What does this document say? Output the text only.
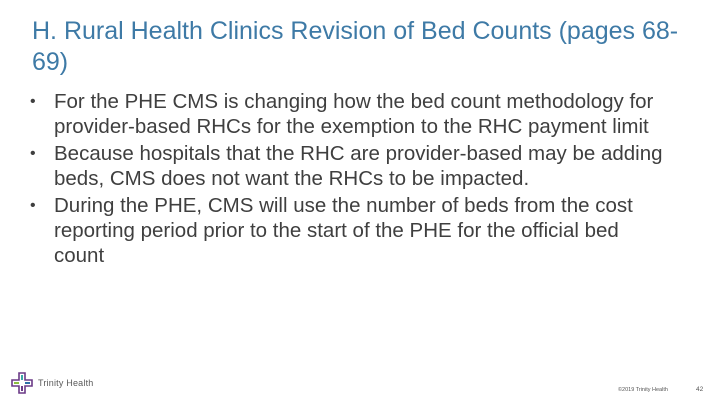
H. Rural Health Clinics Revision of Bed Counts (pages 68-69)
• For the PHE CMS is changing how the bed count methodology for provider-based RHCs for the exemption to the RHC payment limit
• Because hospitals that the RHC are provider-based may be adding beds, CMS does not want the RHCs to be impacted.
• During the PHE, CMS will use the number of beds from the cost reporting period prior to the start of the PHE for the official bed count
Trinity Health
©2019 Trinity Health	42
